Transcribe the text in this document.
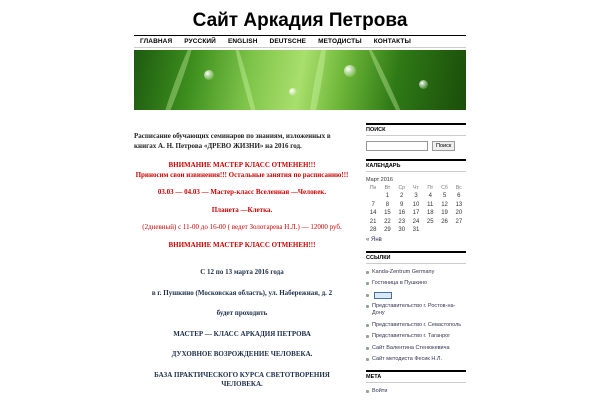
Сайт Аркадия Петрова
ГЛАВНАЯ	РУССКИЙ	ENGLISH	DEUTSCHE	МЕТОДИСТЫ	КОНТАКТЫ

Расписание обучающих семинаров по знаниям, изложенных в книгах А. Н. Петрова «ДРЕВО ЖИЗНИ» на 2016 год.

ВНИМАНИЕ МАСТЕР КЛАСС ОТМЕНЕН!!!
Приносим свои извинения!!! Остальные занятия по расписанию!!!

03.03 — 04.03 — Мастер-класс Вселенная —Человек.

Планета —Клетка.

(2дневный) с 11-00 до 16-00 ( ведет Золотарева Н.Л.) — 12000 руб.

ВНИМАНИЕ МАСТЕР КЛАСС ОТМЕНЕН!!!

С 12 по 13 марта 2016 года

в г. Пушкино (Московская область), ул. Набережная, д. 2

будет проходить

МАСТЕР — КЛАСС АРКАДИЯ ПЕТРОВА

ДУХОВНОЕ ВОЗРОЖДЕНИЕ ЧЕЛОВЕКА.

БАЗА ПРАКТИЧЕСКОГО КУРСА СВЕТОТВОРЕНИЯ ЧЕЛОВЕКА.

ПОИСК
Поиск
КАЛЕНДАРЬ
Март 2016
Пн	Вт	Ср	Чт	Пт	Сб	Вс
	1	2	3	4	5	6
7	8	9	10	11	12	13
14	15	16	17	18	19	20
21	22	23	24	25	26	27
28	29	30	31			
« Янв
ССЫЛКИ
Kanda-Zentrum Germany
Гостиница в Пушкино
Представительство г. Ростов-на-Дону
Представительство г. Севастополь
Представительство г. Таганрог
Сайт Валентина Стенюкевича
Сайт методиста Фесик Н.Л.
МЕТА
Войти
